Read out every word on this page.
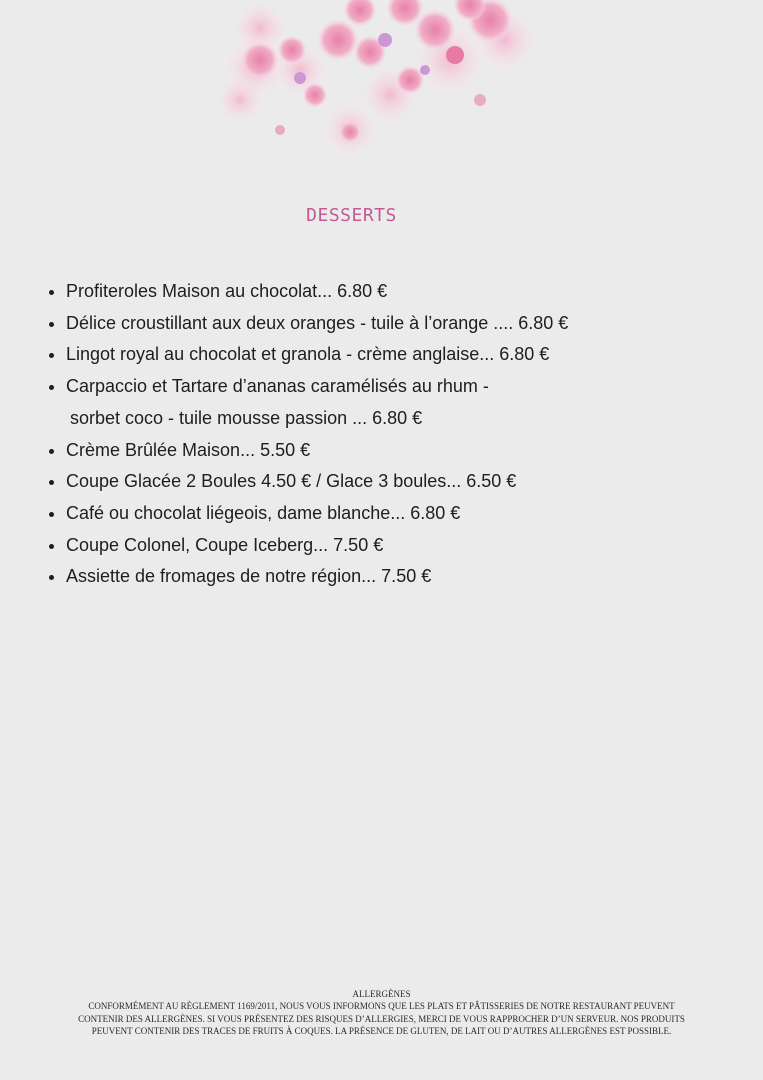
DESSERTS
Profiteroles Maison au chocolat... 6.80 €
Délice croustillant aux deux oranges - tuile à l’orange .... 6.80 €
Lingot royal au chocolat et granola - crème anglaise... 6.80 €
Carpaccio et Tartare d’ananas caramélisés au rhum -
sorbet coco - tuile mousse passion ... 6.80 €
Crème Brûlée Maison... 5.50 €
Coupe Glacée 2 Boules 4.50 € / Glace 3 boules... 6.50 €
Café ou chocolat liégeois, dame blanche... 6.80 €
Coupe Colonel, Coupe Iceberg... 7.50 €
Assiette de fromages de notre région... 7.50 €
ALLERGÈNES
CONFORMÉMENT AU RÈGLEMENT 1169/2011, NOUS VOUS INFORMONS QUE LES PLATS ET PÂTISSERIES DE NOTRE RESTAURANT PEUVENT
CONTENIR DES ALLERGÈNES. SI VOUS PRÉSENTEZ DES RISQUES D’ALLERGIES, MERCI DE VOUS RAPPROCHER D’UN SERVEUR. NOS PRODUITS
PEUVENT CONTENIR DES TRACES DE FRUITS À COQUES. LA PRÉSENCE DE GLUTEN, DE LAIT OU D’AUTRES ALLERGÈNES EST POSSIBLE.
